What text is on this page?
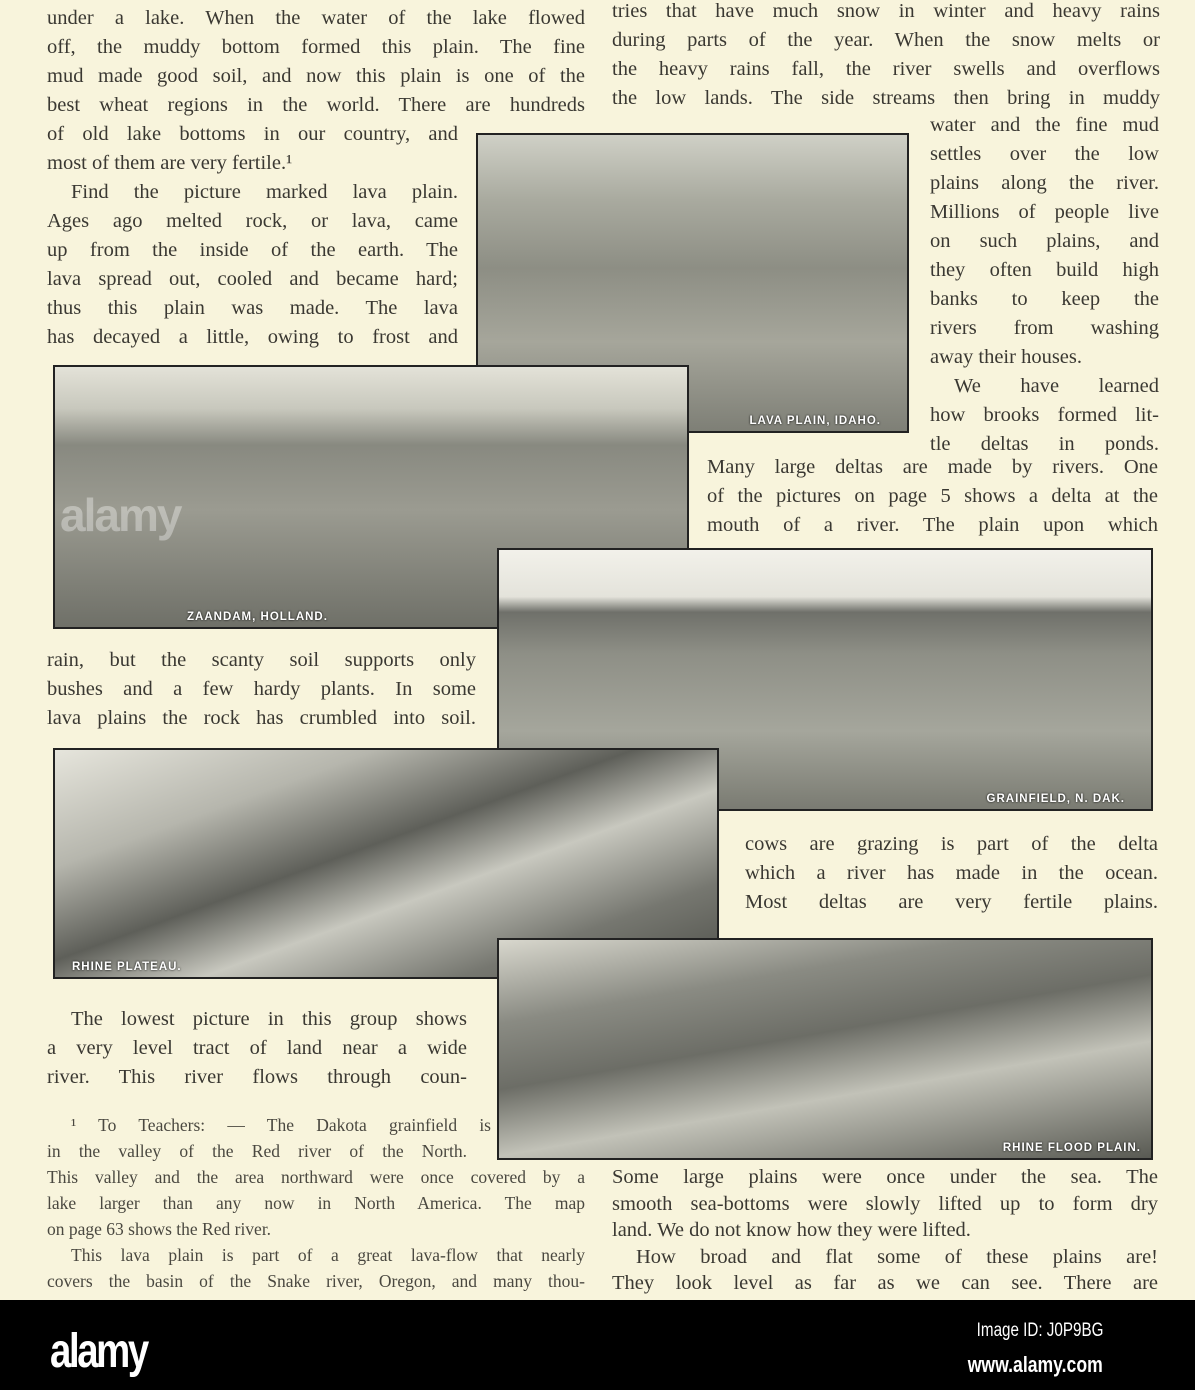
under a lake. When the water of the lake flowed
off, the muddy bottom formed this plain. The fine
mud made good soil, and now this plain is one of the
best wheat regions in the world. There are hundreds
of old lake bottoms in our country, and
most of them are very fertile.¹
Find the picture marked lava plain.
Ages ago melted rock, or lava, came
up from the inside of the earth. The
lava spread out, cooled and became hard;
thus this plain was made. The lava
has decayed a little, owing to frost and
tries that have much snow in winter and heavy rains
during parts of the year. When the snow melts or
the heavy rains fall, the river swells and overflows
the low lands. The side streams then bring in muddy
water and the fine mud
settles over the low
plains along the river.
Millions of people live
on such plains, and
they often build high
banks to keep the
rivers from washing
away their houses.
We have learned
how brooks formed lit-
tle deltas in ponds.
Many large deltas are made by rivers. One
of the pictures on page 5 shows a delta at the
mouth of a river. The plain upon which
rain, but the scanty soil supports only
bushes and a few hardy plants. In some
lava plains the rock has crumbled into soil.
cows are grazing is part of the delta
which a river has made in the ocean.
Most deltas are very fertile plains.
The lowest picture in this group shows
a very level tract of land near a wide
river. This river flows through coun-
¹ To Teachers: — The Dakota grainfield is
in the valley of the Red river of the North.
This valley and the area northward were once covered by a
lake larger than any now in North America. The map
on page 63 shows the Red river.
This lava plain is part of a great lava-flow that nearly
covers the basin of the Snake river, Oregon, and many thou-
Some large plains were once under the sea. The
smooth sea-bottoms were slowly lifted up to form dry
land. We do not know how they were lifted.
How broad and flat some of these plains are!
They look level as far as we can see. There are
LAVA PLAIN, IDAHO.
ZAANDAM, HOLLAND.
GRAINFIELD, N. DAK.
RHINE PLATEAU.
RHINE FLOOD PLAIN.
alamy
alamy	Image ID: J0P9BG
www.alamy.com
